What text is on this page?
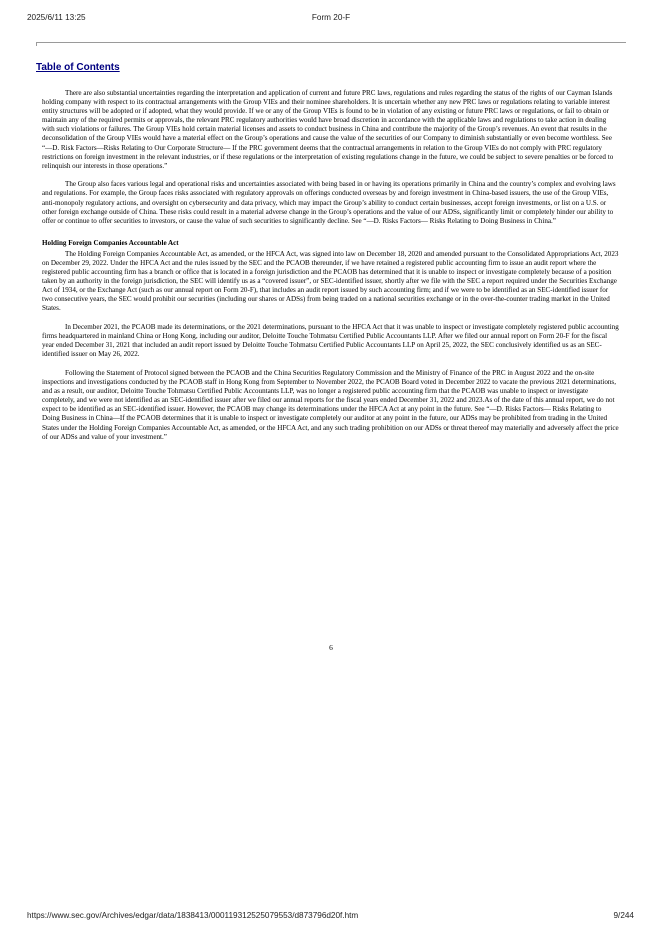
2025/6/11 13:25	Form 20-F
Table of Contents

There are also substantial uncertainties regarding the interpretation and application of current and future PRC laws, regulations and rules regarding the status of the rights of our Cayman Islands holding company with respect to its contractual arrangements with the Group VIEs and their nominee shareholders. It is uncertain whether any new PRC laws or regulations relating to variable interest entity structures will be adopted or if adopted, what they would provide. If we or any of the Group VIEs is found to be in violation of any existing or future PRC laws or regulations, or fail to obtain or maintain any of the required permits or approvals, the relevant PRC regulatory authorities would have broad discretion in accordance with the applicable laws and regulations to take action in dealing with such violations or failures. The Group VIEs hold certain material licenses and assets to conduct business in China and contribute the majority of the Group’s revenues. An event that results in the deconsolidation of the Group VIEs would have a material effect on the Group’s operations and cause the value of the securities of our Company to diminish substantially or even become worthless. See “—D. Risk Factors—Risks Relating to Our Corporate Structure— If the PRC government deems that the contractual arrangements in relation to the Group VIEs do not comply with PRC regulatory restrictions on foreign investment in the relevant industries, or if these regulations or the interpretation of existing regulations change in the future, we could be subject to severe penalties or be forced to relinquish our interests in those operations.”

The Group also faces various legal and operational risks and uncertainties associated with being based in or having its operations primarily in China and the country’s complex and evolving laws and regulations. For example, the Group faces risks associated with regulatory approvals on offerings conducted overseas by and foreign investment in China-based issuers, the use of the Group VIEs, anti-monopoly regulatory actions, and oversight on cybersecurity and data privacy, which may impact the Group’s ability to conduct certain businesses, accept foreign investments, or list on a U.S. or other foreign exchange outside of China. These risks could result in a material adverse change in the Group’s operations and the value of our ADSs, significantly limit or completely hinder our ability to offer or continue to offer securities to investors, or cause the value of such securities to significantly decline. See “—D. Risks Factors— Risks Relating to Doing Business in China.”

Holding Foreign Companies Accountable Act

The Holding Foreign Companies Accountable Act, as amended, or the HFCA Act, was signed into law on December 18, 2020 and amended pursuant to the Consolidated Appropriations Act, 2023 on December 29, 2022. Under the HFCA Act and the rules issued by the SEC and the PCAOB thereunder, if we have retained a registered public accounting firm to issue an audit report where the registered public accounting firm has a branch or office that is located in a foreign jurisdiction and the PCAOB has determined that it is unable to inspect or investigate completely because of a position taken by an authority in the foreign jurisdiction, the SEC will identify us as a “covered issuer”, or SEC-identified issuer, shortly after we file with the SEC a report required under the Securities Exchange Act of 1934, or the Exchange Act (such as our annual report on Form 20-F), that includes an audit report issued by such accounting firm; and if we were to be identified as an SEC-identified issuer for two consecutive years, the SEC would prohibit our securities (including our shares or ADSs) from being traded on a national securities exchange or in the over-the-counter trading market in the United States.

In December 2021, the PCAOB made its determinations, or the 2021 determinations, pursuant to the HFCA Act that it was unable to inspect or investigate completely registered public accounting firms headquartered in mainland China or Hong Kong, including our auditor, Deloitte Touche Tohmatsu Certified Public Accountants LLP. After we filed our annual report on Form 20-F for the fiscal year ended December 31, 2021 that included an audit report issued by Deloitte Touche Tohmatsu Certified Public Accountants LLP on April 25, 2022, the SEC conclusively identified us as an SEC-identified issuer on May 26, 2022.

Following the Statement of Protocol signed between the PCAOB and the China Securities Regulatory Commission and the Ministry of Finance of the PRC in August 2022 and the on-site inspections and investigations conducted by the PCAOB staff in Hong Kong from September to November 2022, the PCAOB Board voted in December 2022 to vacate the previous 2021 determinations, and as a result, our auditor, Deloitte Touche Tohmatsu Certified Public Accountants LLP, was no longer a registered public accounting firm that the PCAOB was unable to inspect or investigate completely, and we were not identified as an SEC-identified issuer after we filed our annual reports for the fiscal years ended December 31, 2022 and 2023.As of the date of this annual report, we do not expect to be identified as an SEC-identified issuer. However, the PCAOB may change its determinations under the HFCA Act at any point in the future. See “—D. Risks Factors— Risks Relating to Doing Business in China—If the PCAOB determines that it is unable to inspect or investigate completely our auditor at any point in the future, our ADSs may be prohibited from trading in the United States under the Holding Foreign Companies Accountable Act, as amended, or the HFCA Act, and any such trading prohibition on our ADSs or threat thereof may materially and adversely affect the price of our ADSs and value of your investment.”

6
https://www.sec.gov/Archives/edgar/data/1838413/000119312525079553/d873796d20f.htm	9/244
